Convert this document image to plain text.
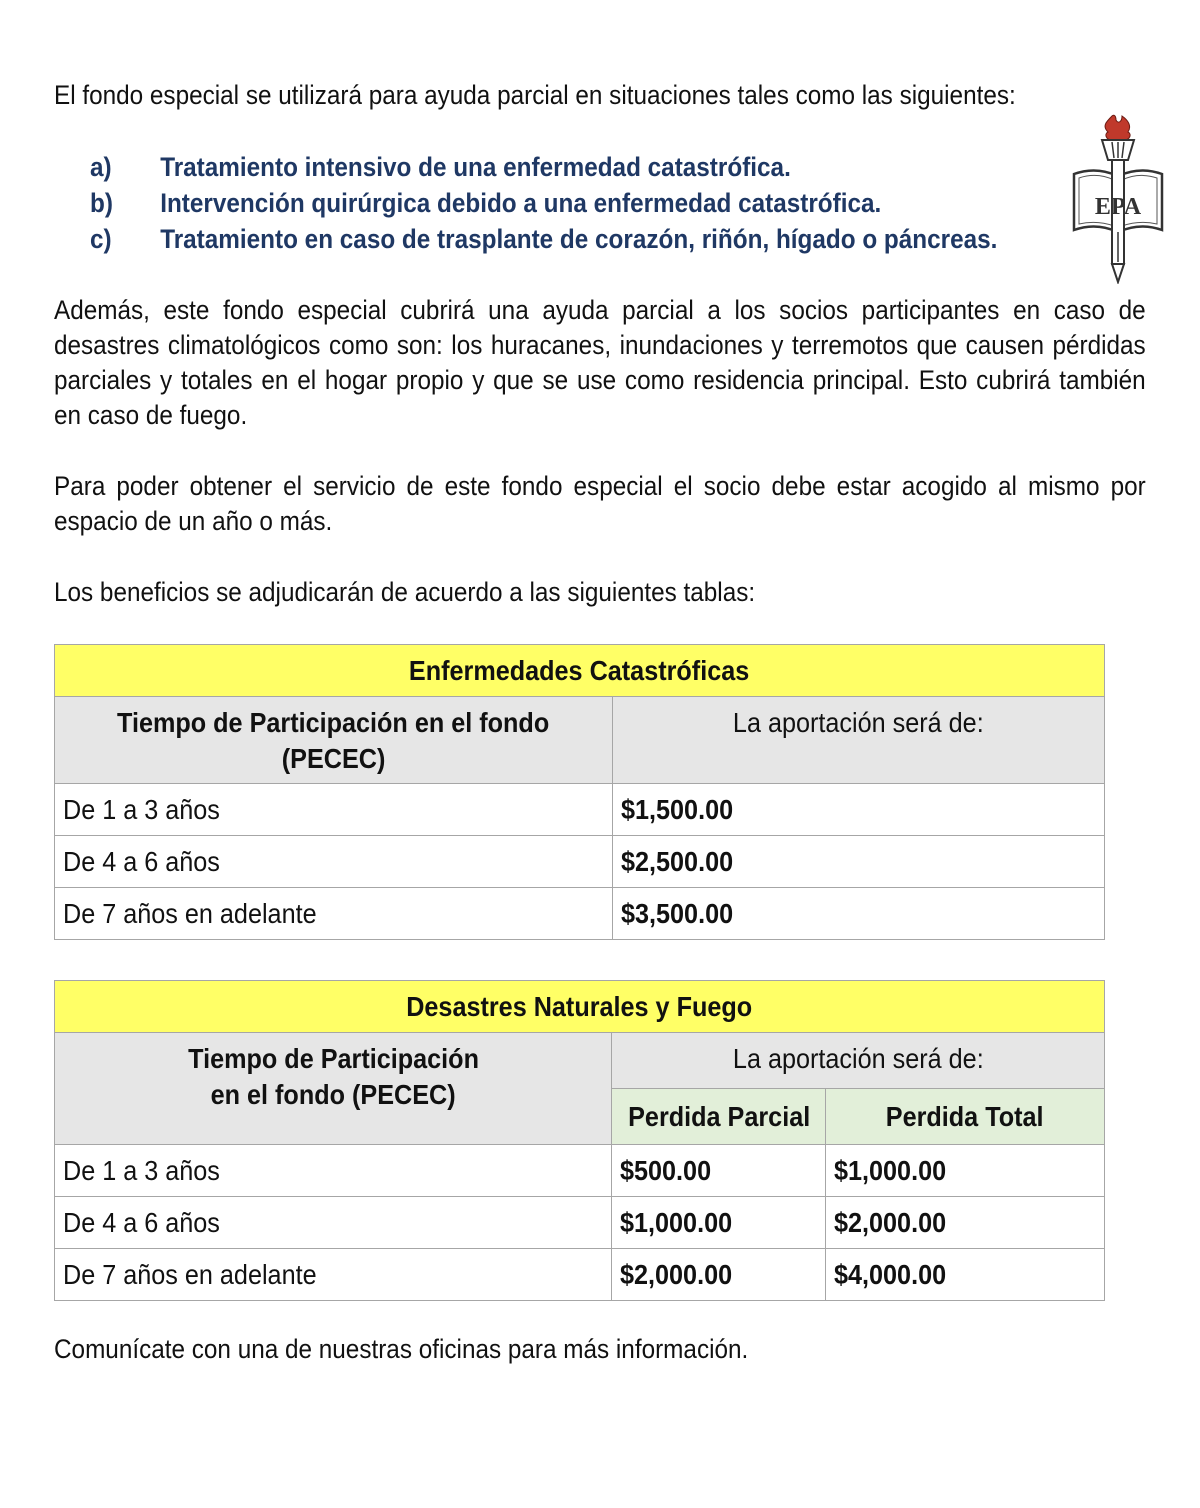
El fondo especial se utilizará para ayuda parcial en situaciones tales como las siguientes:

a)	Tratamiento intensivo de una enfermedad catastrófica.
b)	Intervención quirúrgica debido a una enfermedad catastrófica.
c)	Tratamiento en caso de trasplante de corazón, riñón, hígado o páncreas.
EPA

Además, este fondo especial cubrirá una ayuda parcial a los socios participantes en caso de desastres climatológicos como son: los huracanes, inundaciones y terremotos que causen pérdidas parciales y totales en el hogar propio y que se use como residencia principal. Esto cubrirá también en caso de fuego.

Para poder obtener el servicio de este fondo especial el socio debe estar acogido al mismo por espacio de un año o más.

Los beneficios se adjudicarán de acuerdo a las siguientes tablas:

Enfermedades Catastróficas	
Tiempo de Participación en el fondo
(PECEC)	La aportación será de:
De 1 a 3 años	$1,500.00
De 4 a 6 años	$2,500.00
De 7 años en adelante	$3,500.00
Desastres Naturales y Fuego		
Tiempo de Participación
en el fondo (PECEC)	La aportación será de:	
	Perdida Parcial	Perdida Total
De 1 a 3 años	$500.00	$1,000.00
De 4 a 6 años	$1,000.00	$2,000.00
De 7 años en adelante	$2,000.00	$4,000.00

Comunícate con una de nuestras oficinas para más información.
